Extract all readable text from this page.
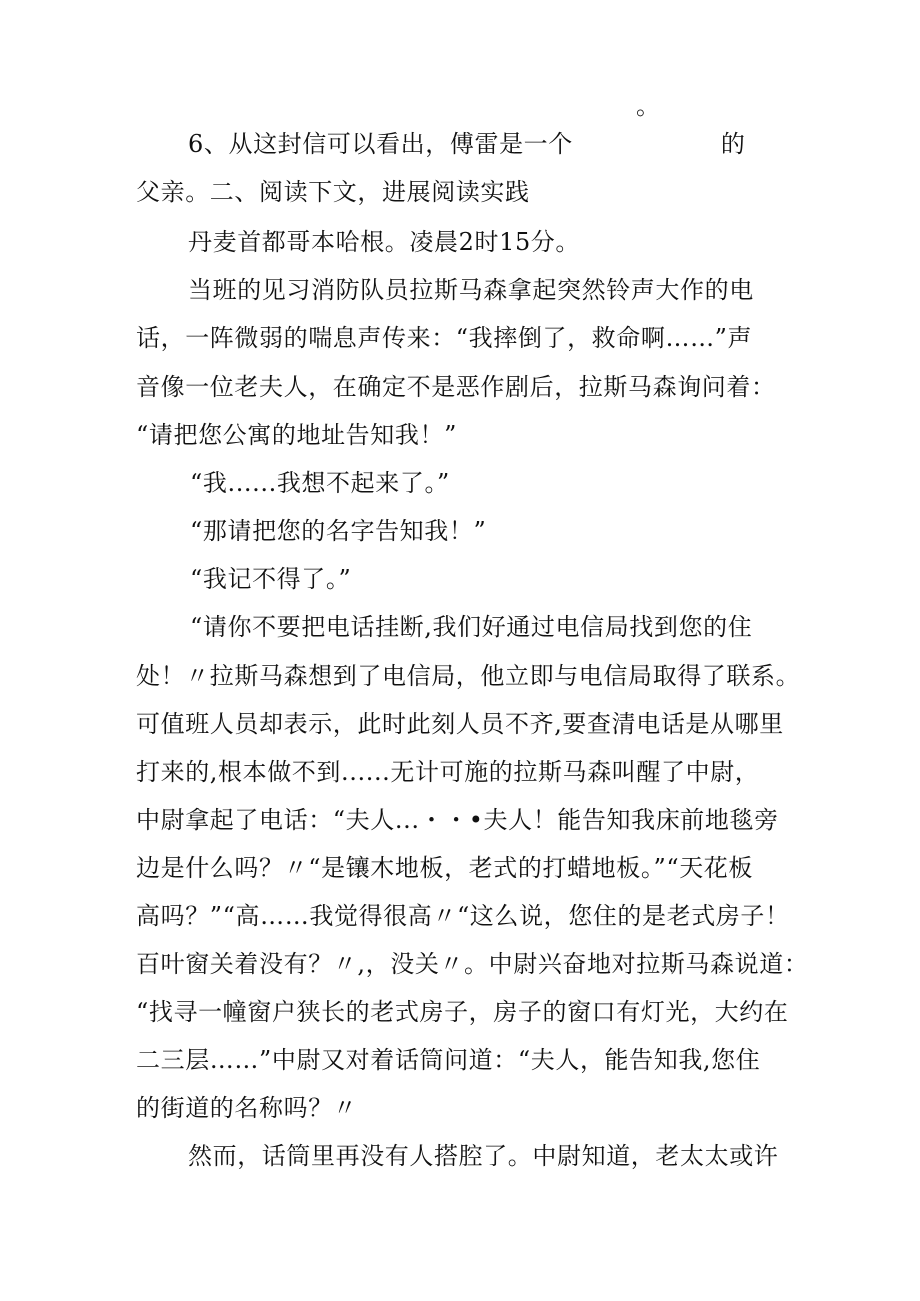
。
6、从这封信可以看出，傅雷是一个	的
父亲。二、阅读下文，进展阅读实践
丹麦首都哥本哈根。凌晨2时15分。
当班的见习消防队员拉斯马森拿起突然铃声大作的电
话，一阵微弱的喘息声传来：“我摔倒了，救命啊……”声
音像一位老夫人，在确定不是恶作剧后，拉斯马森询问着：
“请把您公寓的地址告知我！”
“我......我想不起来了。”
“那请把您的名字告知我！”
“我记不得了。”
“请你不要把电话挂断,我们好通过电信局找到您的住
处！〃拉斯马森想到了电信局，他立即与电信局取得了联系。
可值班人员却表示，此时此刻人员不齐,要查清电话是从哪里
打来的,根本做不到......无计可施的拉斯马森叫醒了中尉，
中尉拿起了电话：“夫人...・・•夫人！能告知我床前地毯旁
边是什么吗？〃“是镶木地板，老式的打蜡地板。”“天花板
高吗？”“高……我觉得很高〃“这么说，您住的是老式房子！
百叶窗关着没有？〃,，没关〃。中尉兴奋地对拉斯马森说道：
“找寻一幢窗户狭长的老式房子，房子的窗口有灯光，大约在
二三层……”中尉又对着话筒问道：“夫人，能告知我,您住
的街道的名称吗？〃
然而，话筒里再没有人搭腔了。中尉知道，老太太或许
